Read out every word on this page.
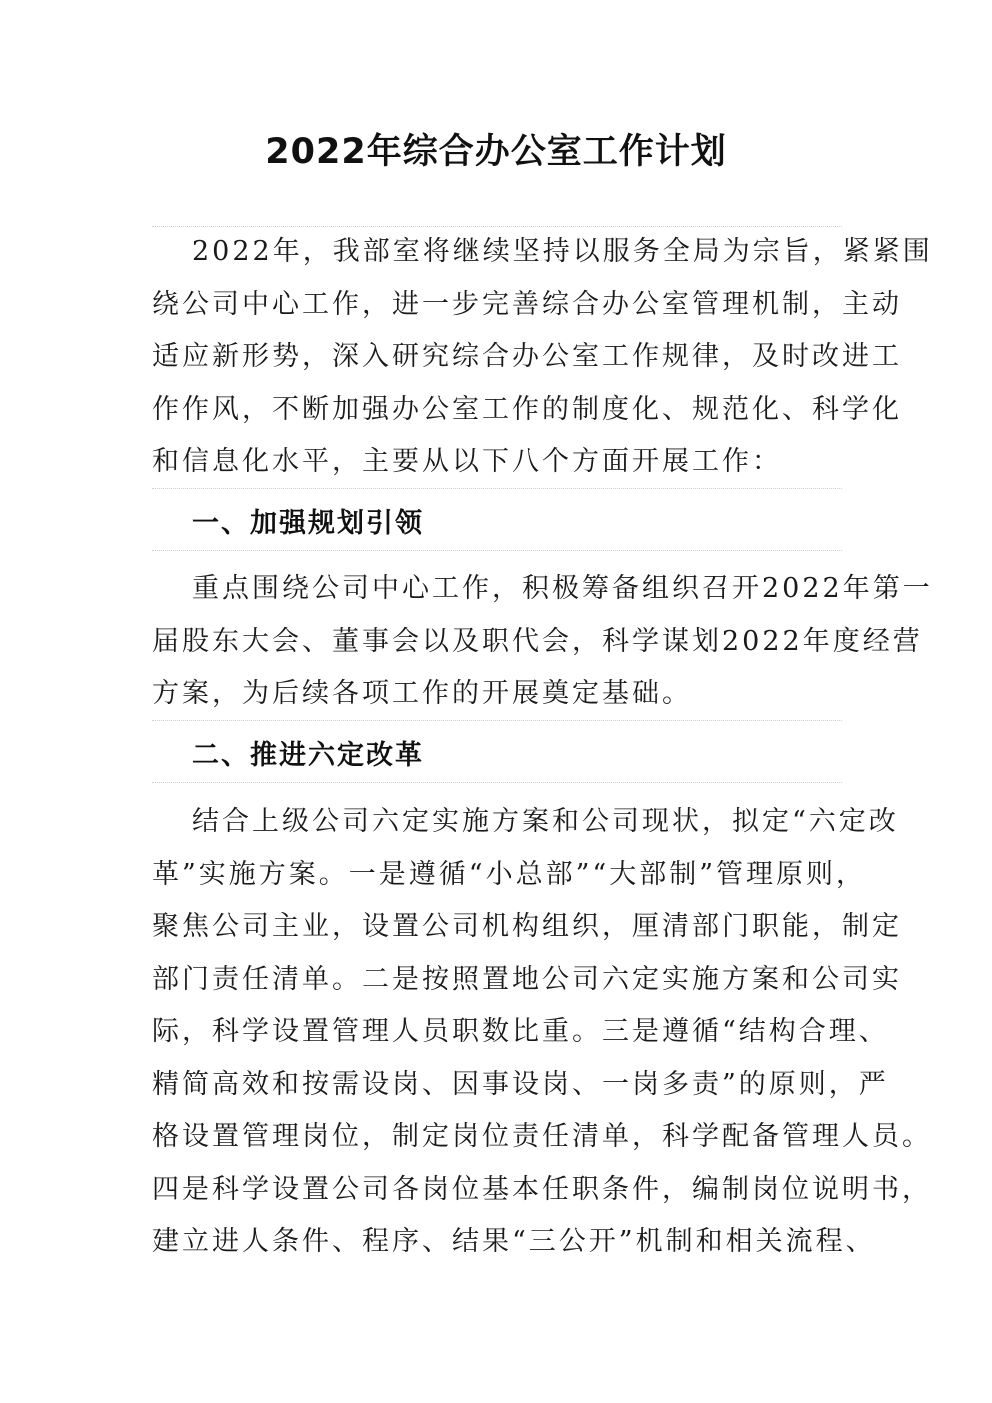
2022年综合办公室工作计划
2022年，我部室将继续坚持以服务全局为宗旨，紧紧围
绕公司中心工作，进一步完善综合办公室管理机制，主动
适应新形势，深入研究综合办公室工作规律，及时改进工
作作风，不断加强办公室工作的制度化、规范化、科学化
和信息化水平，主要从以下八个方面开展工作：
一、加强规划引领
重点围绕公司中心工作，积极筹备组织召开2022年第一
届股东大会、董事会以及职代会，科学谋划2022年度经营
方案，为后续各项工作的开展奠定基础。
二、推进六定改革
结合上级公司六定实施方案和公司现状，拟定“六定改
革”实施方案。一是遵循“小总部”“大部制”管理原则，
聚焦公司主业，设置公司机构组织，厘清部门职能，制定
部门责任清单。二是按照置地公司六定实施方案和公司实
际，科学设置管理人员职数比重。三是遵循“结构合理、
精简高效和按需设岗、因事设岗、一岗多责”的原则，严
格设置管理岗位，制定岗位责任清单，科学配备管理人员。
四是科学设置公司各岗位基本任职条件，编制岗位说明书，
建立进人条件、程序、结果“三公开”机制和相关流程、
